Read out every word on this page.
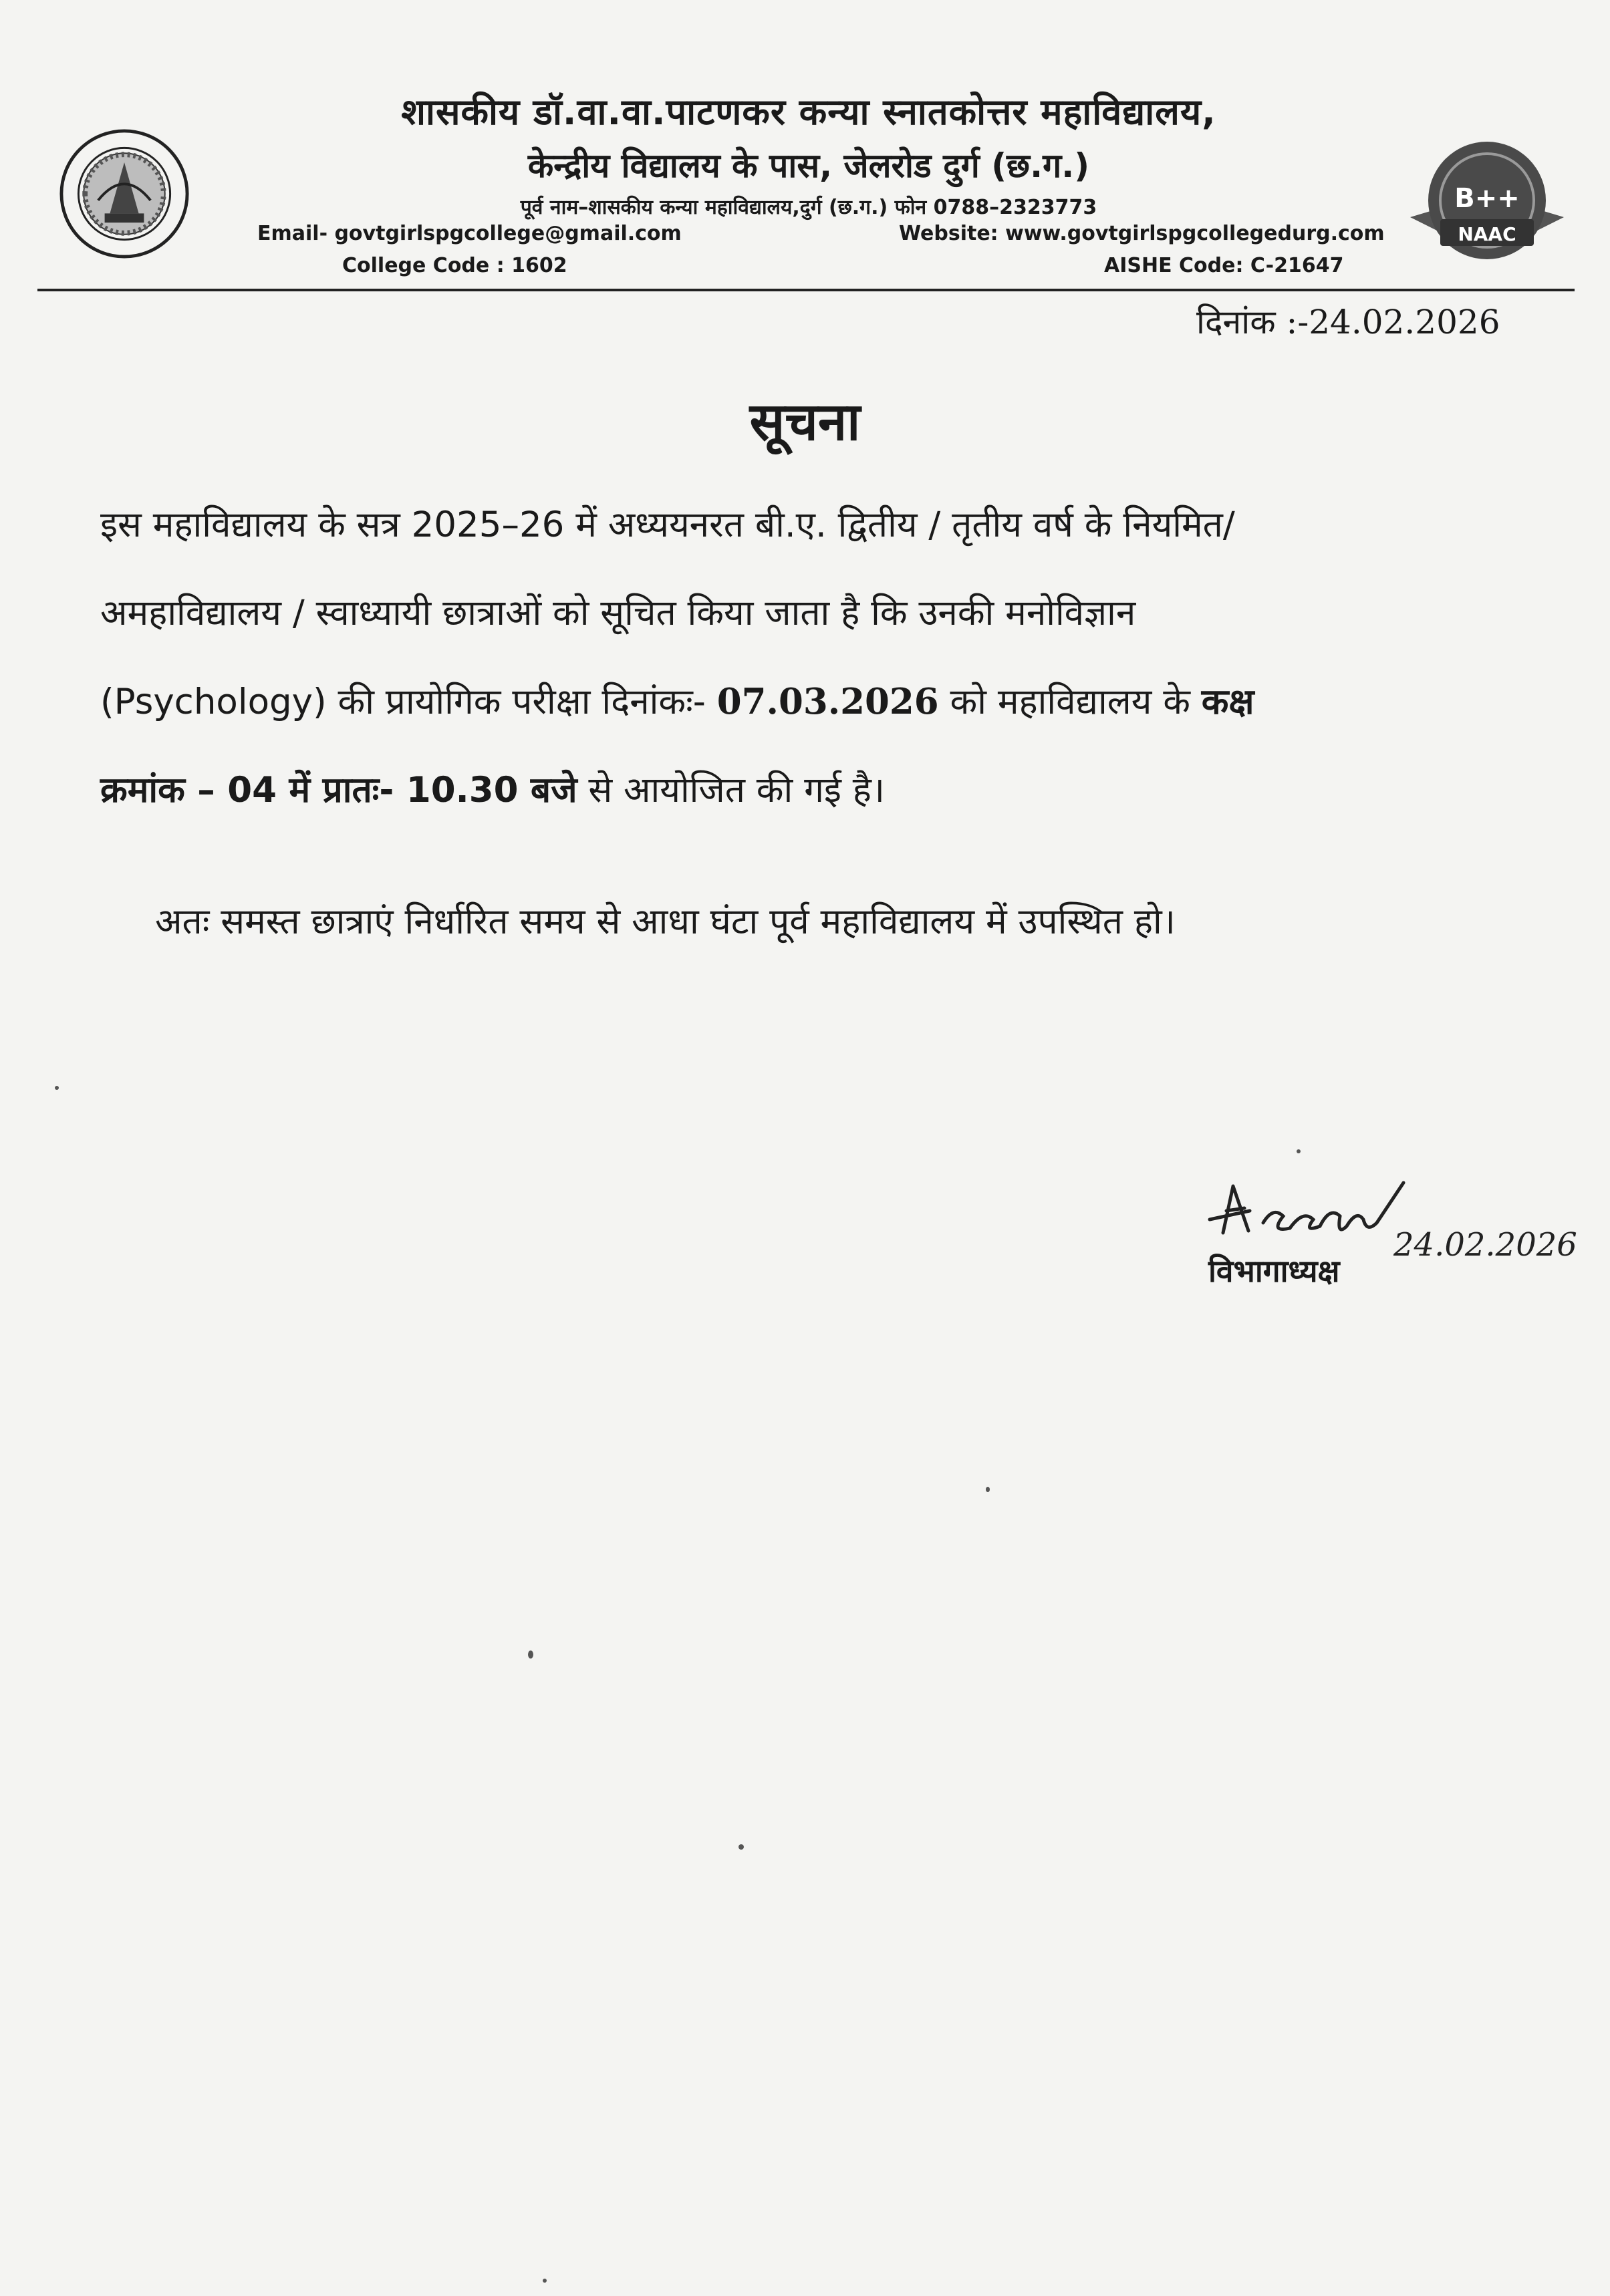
शासकीय डॉ.वा.वा.पाटणकर कन्या स्नातकोत्तर महाविद्यालय,
केन्द्रीय विद्यालय के पास, जेलरोड दुर्ग (छ.ग.)
पूर्व नाम–शासकीय कन्या महाविद्यालय,दुर्ग (छ.ग.) फोन 0788–2323773
Email- govtgirlspgcollege@gmail.com
College Code : 1602
Website: www.govtgirlspgcollegedurg.com
AISHE Code: C-21647
B++
NAAC
दिनांक :-24.02.2026
सूचना
इस महाविद्यालय के सत्र 2025–26 में अध्ययनरत बी.ए. द्वितीय / तृतीय वर्ष के नियमित/
अमहाविद्यालय / स्वाध्यायी छात्राओं को सूचित किया जाता है कि उनकी मनोविज्ञान
(Psychology) की प्रायोगिक परीक्षा दिनांकः- 07.03.2026 को महाविद्यालय के कक्ष
क्रमांक – 04 में प्रातः- 10.30 बजे से आयोजित की गई है।
अतः समस्त छात्राएं निर्धारित समय से आधा घंटा पूर्व महाविद्यालय में उपस्थित हो।
24.02.2026
विभागाध्यक्ष
